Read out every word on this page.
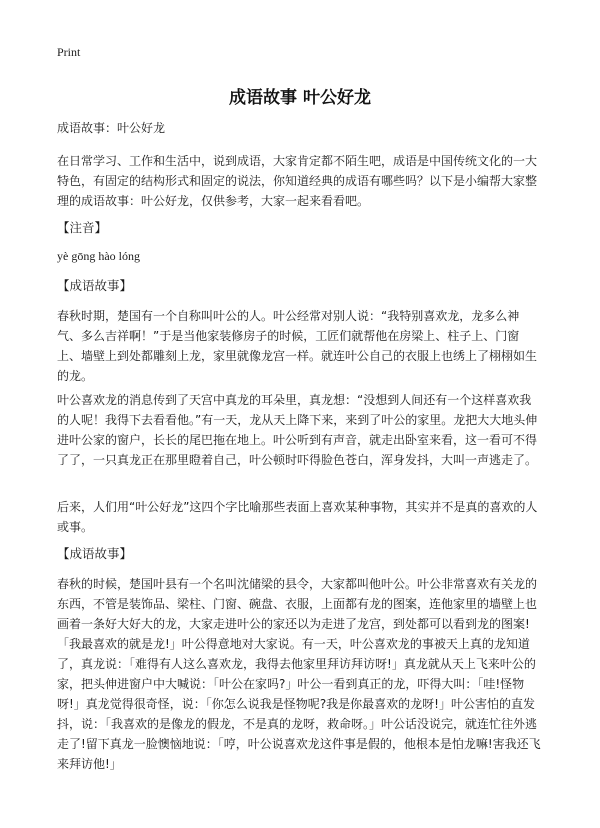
Print
成语故事 叶公好龙

成语故事：叶公好龙

在日常学习、工作和生活中，说到成语，大家肯定都不陌生吧，成语是中国传统文化的一大特色，有固定的结构形式和固定的说法，你知道经典的成语有哪些吗？以下是小编帮大家整理的成语故事：叶公好龙，仅供参考，大家一起来看看吧。

【注音】
yè gōng hào lóng
【成语故事】

春秋时期，楚国有一个自称叫叶公的人。叶公经常对别人说：“我特别喜欢龙，龙多么神气、多么吉祥啊！”于是当他家装修房子的时候，工匠们就帮他在房梁上、柱子上、门窗上、墙壁上到处都雕刻上龙，家里就像龙宫一样。就连叶公自己的衣服上也绣上了栩栩如生的龙。

叶公喜欢龙的消息传到了天宫中真龙的耳朵里，真龙想：“没想到人间还有一个这样喜欢我的人呢！我得下去看看他。”有一天，龙从天上降下来，来到了叶公的家里。龙把大大地头伸进叶公家的窗户，长长的尾巴拖在地上。叶公听到有声音，就走出卧室来看，这一看可不得了了，一只真龙正在那里瞪着自己，叶公顿时吓得脸色苍白，浑身发抖，大叫一声逃走了。

后来，人们用“叶公好龙”这四个字比喻那些表面上喜欢某种事物，其实并不是真的喜欢的人或事。

【成语故事】

春秋的时候，楚国叶县有一个名叫沈储梁的县令，大家都叫他叶公。叶公非常喜欢有关龙的东西，不管是装饰品、梁柱、门窗、碗盘、衣服，上面都有龙的图案，连他家里的墙壁上也画着一条好大好大的龙，大家走进叶公的家还以为走进了龙宫，到处都可以看到龙的图案!「我最喜欢的就是龙!」叶公得意地对大家说。有一天，叶公喜欢龙的事被天上真的龙知道了，真龙说：「难得有人这么喜欢龙，我得去他家里拜访拜访呀!」真龙就从天上飞来叶公的家，把头伸进窗户中大喊说：「叶公在家吗?」叶公一看到真正的龙，吓得大叫：「哇!怪物呀!」真龙觉得很奇怪，说：「你怎么说我是怪物呢?我是你最喜欢的龙呀!」叶公害怕的直发抖，说：「我喜欢的是像龙的假龙，不是真的龙呀，救命呀。」叶公话没说完，就连忙往外逃走了!留下真龙一脸懊恼地说：「哼，叶公说喜欢龙这件事是假的，他根本是怕龙嘛!害我还飞来拜访他!」
